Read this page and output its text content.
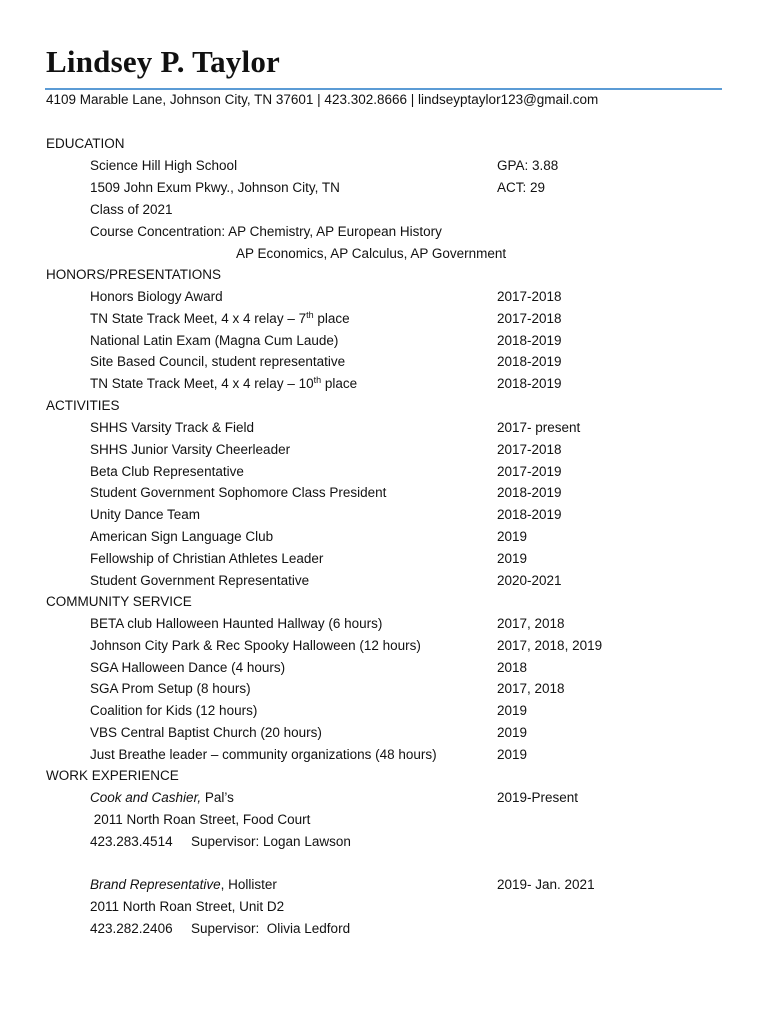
Lindsey P. Taylor
4109 Marable Lane, Johnson City, TN 37601 | 423.302.8666 | lindseyptaylor123@gmail.com
EDUCATION
Science Hill High School	GPA: 3.88
1509 John Exum Pkwy., Johnson City, TN	ACT: 29
Class of 2021
Course Concentration: AP Chemistry, AP European History
AP Economics, AP Calculus, AP Government
HONORS/PRESENTATIONS
Honors Biology Award	2017-2018
TN State Track Meet, 4 x 4 relay – 7th place	2017-2018
National Latin Exam (Magna Cum Laude)	2018-2019
Site Based Council, student representative	2018-2019
TN State Track Meet, 4 x 4 relay – 10th place	2018-2019
ACTIVITIES
SHHS Varsity Track & Field	2017- present
SHHS Junior Varsity Cheerleader	2017-2018
Beta Club Representative	2017-2019
Student Government Sophomore Class President	2018-2019
Unity Dance Team	2018-2019
American Sign Language Club	2019
Fellowship of Christian Athletes Leader	2019
Student Government Representative	2020-2021
COMMUNITY SERVICE
BETA club Halloween Haunted Hallway (6 hours)	2017, 2018
Johnson City Park & Rec Spooky Halloween (12 hours)	2017, 2018, 2019
SGA Halloween Dance (4 hours)	2018
SGA Prom Setup (8 hours)	2017, 2018
Coalition for Kids (12 hours)	2019
VBS Central Baptist Church (20 hours)	2019
Just Breathe leader – community organizations (48 hours)	2019
WORK EXPERIENCE
Cook and Cashier, Pal’s	2019-Present
2011 North Roan Street, Food Court
423.283.4514 Supervisor: Logan Lawson
Brand Representative, Hollister	2019- Jan. 2021
2011 North Roan Street, Unit D2
423.282.2406 Supervisor:  Olivia Ledford
